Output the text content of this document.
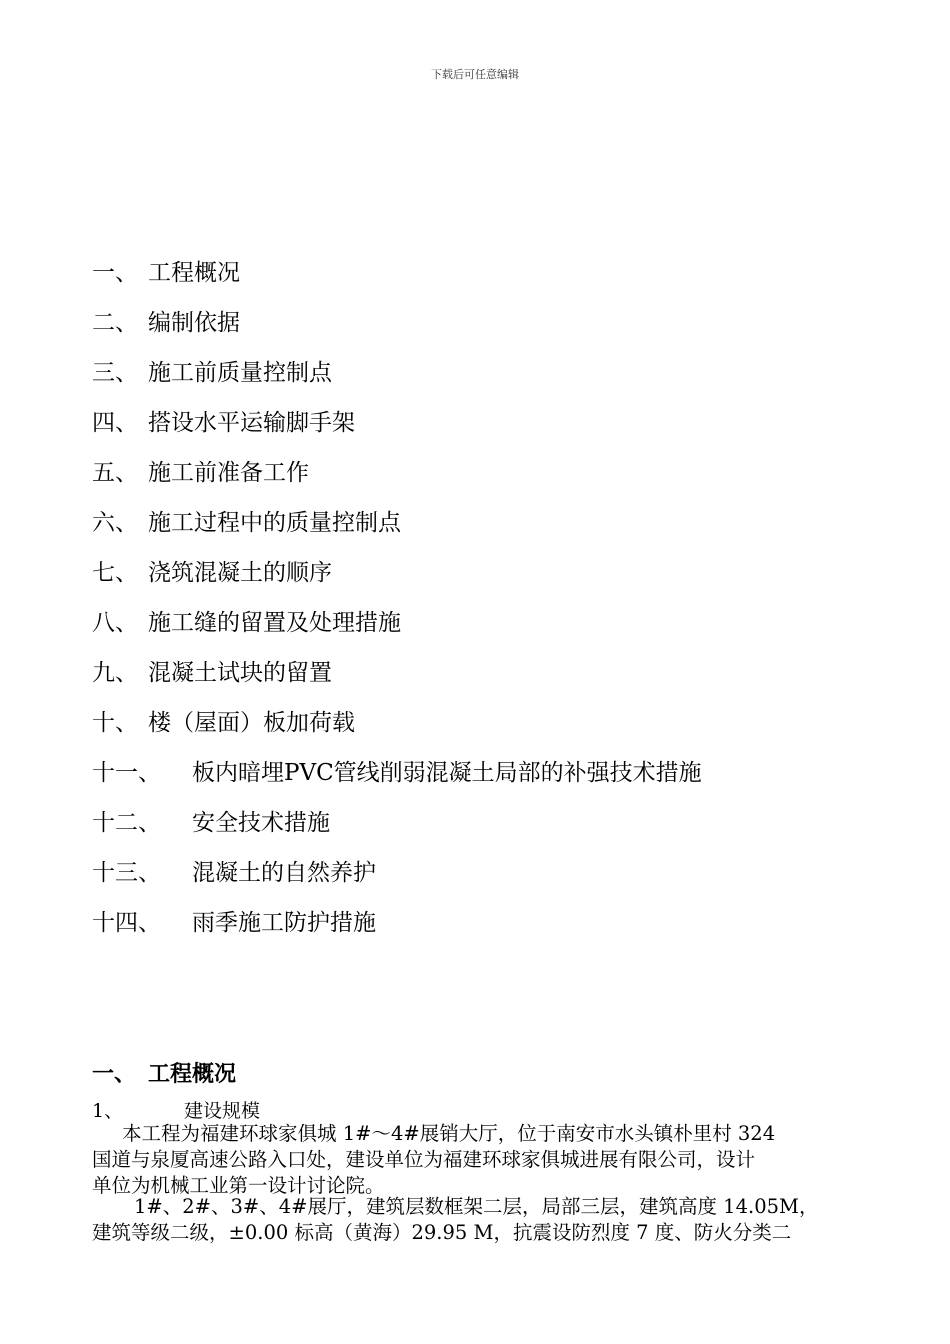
下载后可任意编辑
一、 工程概况
二、 编制依据
三、 施工前质量控制点
四、 搭设水平运输脚手架
五、 施工前准备工作
六、 施工过程中的质量控制点
七、 浇筑混凝土的顺序
八、 施工缝的留置及处理措施
九、 混凝土试块的留置
十、 楼（屋面）板加荷载
十一、 板内暗埋PVC管线削弱混凝土局部的补强技术措施
十二、 安全技术措施
十三、 混凝土的自然养护
十四、 雨季施工防护措施
一、 工程概况
1、	建设规模
本工程为福建环球家俱城 1#～4#展销大厅，位于南安市水头镇朴里村 324
国道与泉厦高速公路入口处，建设单位为福建环球家俱城进展有限公司，设计
单位为机械工业第一设计讨论院。
1#、2#、3#、4#展厅，建筑层数框架二层，局部三层，建筑高度 14.05M，
建筑等级二级，±0.00 标高（黄海）29.95 M，抗震设防烈度 7 度、防火分类二
